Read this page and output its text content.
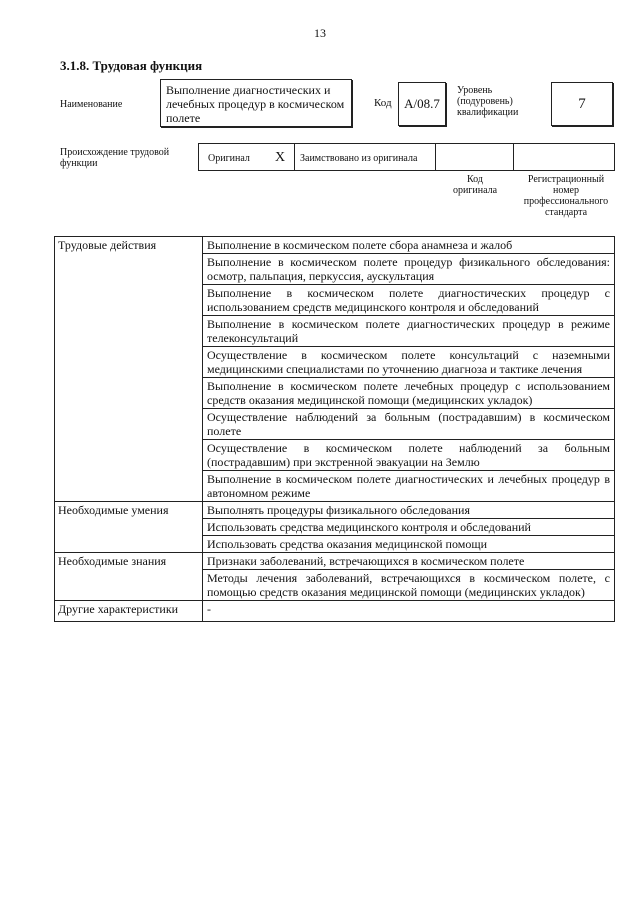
13
3.1.8. Трудовая функция
Наименование
Выполнение диагностических и лечебных процедур в космическом полете
Код А/08.7
Уровень (подуровень) квалификации
7
Происхождение трудовой функции	Оригинал X Заимствовано из оригинала
Код оригинала
Регистрационный номер профессионального стандарта
Трудовые действия	Выполнение в космическом полете сбора анамнеза и жалоб
	Выполнение в космическом полете процедур физикального обследования: осмотр, пальпация, перкуссия, аускультация
	Выполнение в космическом полете диагностических процедур с использованием средств медицинского контроля и обследований
	Выполнение в космическом полете диагностических процедур в режиме телеконсультаций
	Осуществление в космическом полете консультаций с наземными медицинскими специалистами по уточнению диагноза и тактике лечения
	Выполнение в космическом полете лечебных процедур с использованием средств оказания медицинской помощи (медицинских укладок)
	Осуществление наблюдений за больным (пострадавшим) в космическом полете
	Осуществление в космическом полете наблюдений за больным (пострадавшим) при экстренной эвакуации на Землю
	Выполнение в космическом полете диагностических и лечебных процедур в автономном режиме
Необходимые умения	Выполнять процедуры физикального обследования
	Использовать средства медицинского контроля и обследований
	Использовать средства оказания медицинской помощи
Необходимые знания	Признаки заболеваний, встречающихся в космическом полете
	Методы лечения заболеваний, встречающихся в космическом полете, с помощью средств оказания медицинской помощи (медицинских укладок)
Другие характеристики	-
